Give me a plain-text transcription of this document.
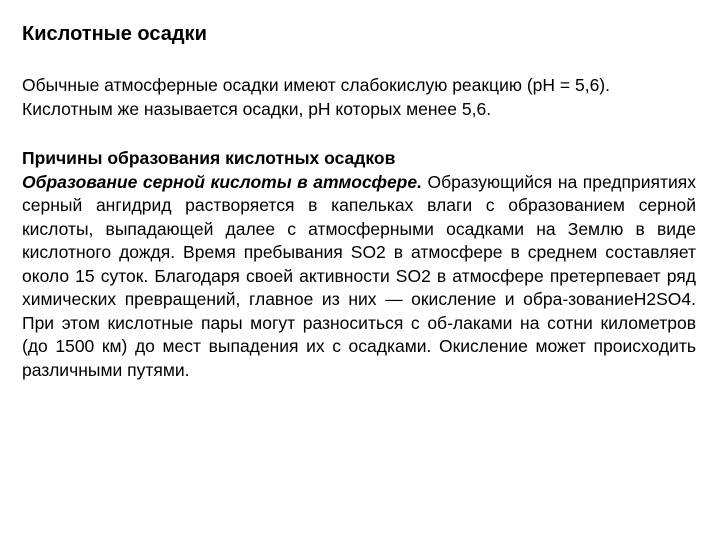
Кислотные осадки

Обычные атмосферные осадки имеют слабокислую реакцию (рН = 5,6).
Кислотным же называется осадки, рН которых менее 5,6.

Причины образования кислотных осадков

Образование серной кислоты в атмосфере. Образующийся на предприятиях серный ангидрид растворяется в капельках влаги с образованием серной кислоты, выпадающей далее с атмосферными осадками на Землю в виде кислотного дождя. Время пребывания SO2 в атмосфере в среднем составляет около 15 суток. Благодаря своей активности SO2 в атмосфере претерпевает ряд химических превращений, главное из них — окисление и обра-зованиеH2SO4. При этом кислотные пары могут разноситься с об-лаками на сотни километров (до 1500 км) до мест выпадения их с осадками. Окисление может происходить различными путями.
